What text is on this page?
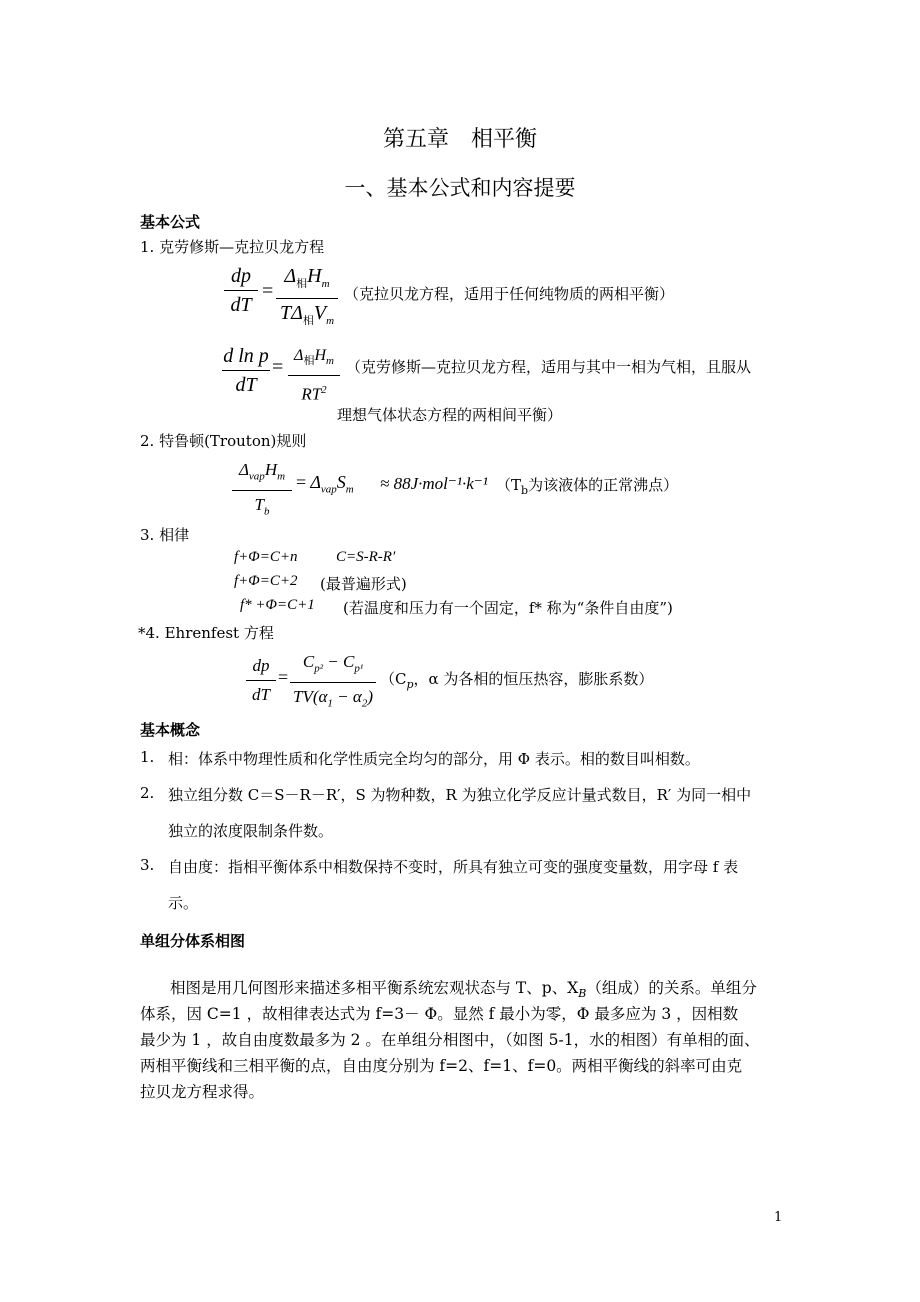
第五章　相平衡
一、基本公式和内容提要
基本公式
1. 克劳修斯—克拉贝龙方程
dp
dT
=
$\Delta_相H_m$
$T\Delta_相V_m$
（克拉贝龙方程，适用于任何纯物质的两相平衡）
d ln p
dT
=
$\Delta_相H_m$
$RT^2$
（克劳修斯—克拉贝龙方程，适用与其中一相为气相，且服从
理想气体状态方程的两相间平衡）
2. 特鲁顿(Trouton)规则
$\Delta_{vap}H_m$
$T_b$
= $\Delta_{vap}S_m \approx 88J\cdot mol^{-1}\cdot k^{-1}$ （$T_b$为该液体的正常沸点）
3. 相律
f+Φ=C+n	C=S-R-R′
f+Φ=C+2 (最普遍形式)
f* +Φ=C+1 (若温度和压力有一个固定，f* 称为“条件自由度”)
*4. Ehrenfest 方程
dp
dT
=
$C_{p^2} - C_{p^1}$
$TV(\alpha_1 - \alpha_2)$
（$C_p$，α 为各相的恒压热容，膨胀系数）
基本概念
1. 相：体系中物理性质和化学性质完全均匀的部分，用 Φ 表示。相的数目叫相数。
2. 独立组分数 C＝S－R－R′，S 为物种数，R 为独立化学反应计量式数目，R′ 为同一相中
独立的浓度限制条件数。
3. 自由度：指相平衡体系中相数保持不变时，所具有独立可变的强度变量数，用字母 f 表
示。
单组分体系相图
相图是用几何图形来描述多相平衡系统宏观状态与 T、p、$X_B$（组成）的关系。单组分
体系，因 C=1 ，故相律表达式为 f=3－ Φ。显然 f 最小为零，Φ 最多应为 3 ，因相数
最少为 1 ，故自由度数最多为 2 。在单组分相图中，（如图 5-1，水的相图）有单相的面、
两相平衡线和三相平衡的点，自由度分别为 f=2、f=1、f=0。两相平衡线的斜率可由克
拉贝龙方程求得。
1
